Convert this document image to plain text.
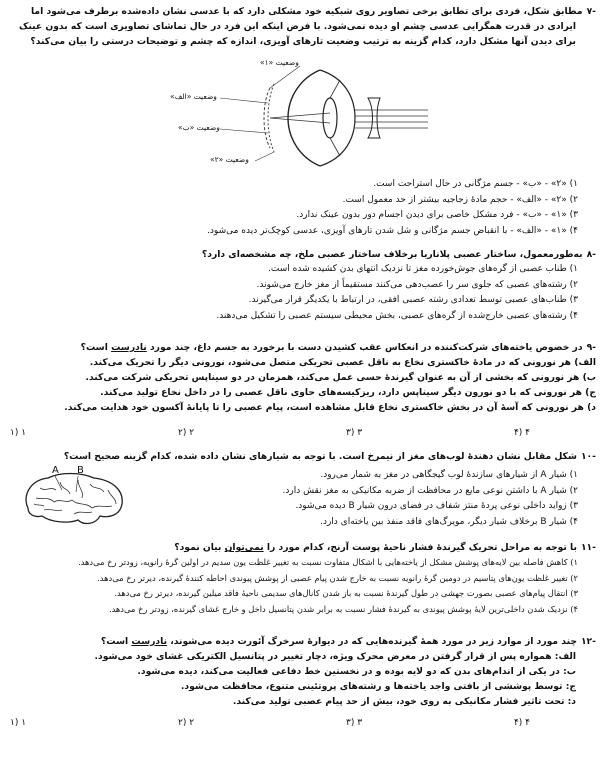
-۷مطابق شکل، فردی برای تطابق برخی تصاویر روی شبکیه خود مشکلی دارد که با عدسی نشان داده‌شده برطرف می‌شود اما
ایرادی در قدرت همگرایی عدسی چشم او دیده نمی‌شود. با فرض اینکه این فرد در حال تماشای تصاویری است که بدون عینک
برای دیدن آنها مشکل دارد، کدام گزینه به ترتیب وضعیت تارهای آویزی، اندازه که چشم و توضیحات درستی را بیان می‌کند؟
وضعیت «۱»
وضعیت «الف»
وضعیت «ب»
وضعیت «۲»
۱) «۲» - «ب» - جسم مژگانی در حال استراحت است.
۲) «۲» - «الف» - حجم مادهٔ زجاجیه بیشتر از حد معمول است.
۳) «۱» - «ب» - فرد مشکل خاصی برای دیدن اجسام دور بدون عینک ندارد.
۴) «۱» - «الف» - با انقباض جسم مژگانی و شل شدن تارهای آویزی، عدسی کوچک‌تر دیده می‌شود.
-۸به‌طورمعمول، ساختار عصبی پلاناریا برخلاف ساختار عصبی ملخ، چه مشخصه‌ای دارد؟
۱) طناب عصبی از گره‌های جوش‌خورده مغز تا نزدیک انتهای بدن کشیده شده است.
۲) رشته‌های عصبی که جلوی سر را عصب‌دهی می‌کنند مستقیماً از مغز خارج می‌شوند.
۳) طناب‌های عصبی توسط تعدادی رشته عصبی افقی، در ارتباط با یکدیگر قرار می‌گیرند.
۴) رشته‌های عصبی خارج‌شده از گره‌های عصبی، بخش محیطی سیستم عصبی را تشکیل می‌دهند.
-۹در خصوص یاخته‌های شرکت‌کننده در انعکاس عقب کشیدن دست با برخورد به جسم داغ، چند مورد نادرست است؟
الف) هر نورونی که در مادهٔ خاکستری نخاع به ناقل عصبی تحریکی متصل می‌شود، نورونی دیگر را تحریک می‌کند.
ب) هر نورونی که بخشی از آن به عنوان گیرندهٔ حسی عمل می‌کند، همزمان در دو سیناپس تحریکی شرکت می‌کند.
ج) هر نورونی که با دو نورون دیگر سیناپس دارد، ریزکیسه‌های حاوی ناقل عصبی را در داخل نخاع تولید می‌کند.
د) هر نورونی که آسهٔ آن در بخش خاکستری نخاع قابل مشاهده است، پیام عصبی را تا پایانهٔ آکسون خود هدایت می‌کند.
۴ (۴
۳ (۳
۲ (۲
۱ (۱
-۱۰شکل مقابل نشان دهندهٔ لوب‌های مغز از نیمرخ است. با توجه به شیارهای نشان داده شده، کدام گزینه صحیح است؟
۱) شیار A از شیارهای سازندهٔ لوب گیجگاهی در مغز به شمار می‌رود.
۲) شیار A با داشتن نوعی مایع در محافظت از ضربه مکانیکی به مغز نقش دارد.
۳) زواید داخلی نوعی پردهٔ منتز شفاف در فضای درون شیار B دیده می‌شود.
۴) شیار B برخلاف شیار دیگر، مویرگ‌های فاقد منفذ بین یاخته‌ای دارد.
A B
-۱۱با توجه به مراحل تحریک گیرندهٔ فشار ناحیهٔ پوست آرنج، کدام مورد را نمی‌توان بیان نمود؟
۱) کاهش فاصله بین لایه‌های پوشش مشکل از یاخته‌هایی با اشکال متفاوت نسبت به تغییر غلظت یون سدیم در اولین گرهٔ رانویه، زودتر رخ می‌دهد.
۲) تغییر غلظت یون‌های پتاسیم در دومین گرهٔ رانویه نسبت به خارج شدن پیام عصبی از پوشش پیوندی احاطه کنندهٔ گیرنده، دیرتر رخ می‌دهد.
۳) انتقال پیام‌های عصبی بصورت جهشی در طول گیرندهٔ نسبت به باز شدن کانال‌های سدیمی ناحیهٔ فاقد میلین گیرنده، دیرتر رخ می‌دهد.
۴) نزدیک شدن داخلی‌ترین لایهٔ پوشش پیوندی به گیرندهٔ فشار نسبت به برابر شدن پتانسیل داخل و خارج غشای گیرنده، زودتر رخ می‌دهد.
-۱۲چند مورد از موارد زیر در مورد همهٔ گیرنده‌هایی که در دیوارهٔ سرخرگ آئورت دیده می‌شوند، نادرست است؟
الف: همواره پس از قرار گرفتن در معرض محرک ویژه، دچار تغییر در پتانسیل الکتریکی غشای خود می‌شود.
ب: در یکی از اندام‌های بدن که دو لایه بوده و در نخستین خط دفاعی فعالیت می‌کند، دیده می‌شود.
ج: توسط پوششی از بافتی واجد یاخته‌ها و رشته‌های پروتئینی متنوع، محافظت می‌شود.
د: تحت تاثیر فشار مکانیکی به روی خود، بیش از حد پیام عصبی تولید می‌کند.
۴ (۴
۳ (۳
۲ (۲
۱ (۱
